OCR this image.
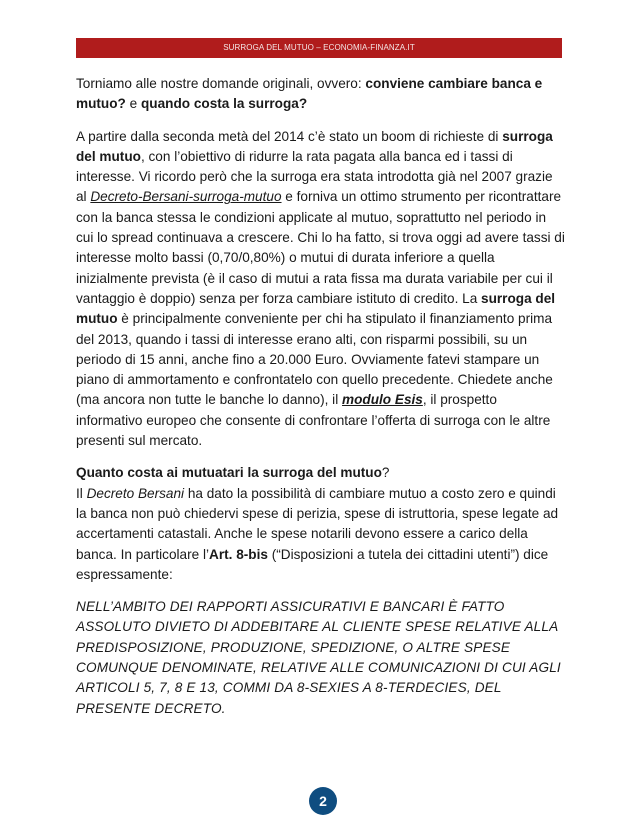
SURROGA DEL MUTUO – ECONOMIA-FINANZA.IT

Torniamo alle nostre domande originali, ovvero: conviene cambiare banca e mutuo? e quando costa la surroga?

A partire dalla seconda metà del 2014 c’è stato un boom di richieste di surroga del mutuo, con l’obiettivo di ridurre la rata pagata alla banca ed i tassi di interesse. Vi ricordo però che la surroga era stata introdotta già nel 2007 grazie al Decreto-Bersani-surroga-mutuo e forniva un ottimo strumento per ricontrattare con la banca stessa le condizioni applicate al mutuo, soprattutto nel periodo in cui lo spread continuava a crescere. Chi lo ha fatto, si trova oggi ad avere tassi di interesse molto bassi (0,70/0,80%) o mutui di durata inferiore a quella inizialmente prevista (è il caso di mutui a rata fissa ma durata variabile per cui il vantaggio è doppio) senza per forza cambiare istituto di credito. La surroga del mutuo è principalmente conveniente per chi ha stipulato il finanziamento prima del 2013, quando i tassi di interesse erano alti, con risparmi possibili, su un periodo di 15 anni, anche fino a 20.000 Euro. Ovviamente fatevi stampare un piano di ammortamento e confrontatelo con quello precedente. Chiedete anche (ma ancora non tutte le banche lo danno), il modulo Esis, il prospetto informativo europeo che consente di confrontare l’offerta di surroga con le altre presenti sul mercato.

Quanto costa ai mutuatari la surroga del mutuo?
Il Decreto Bersani ha dato la possibilità di cambiare mutuo a costo zero e quindi la banca non può chiedervi spese di perizia, spese di istruttoria, spese legate ad accertamenti catastali. Anche le spese notarili devono essere a carico della banca. In particolare l’Art. 8-bis (“Disposizioni a tutela dei cittadini utenti”) dice espressamente:

NELL’AMBITO DEI RAPPORTI ASSICURATIVI E BANCARI È FATTO ASSOLUTO DIVIETO DI ADDEBITARE AL CLIENTE SPESE RELATIVE ALLA PREDISPOSIZIONE, PRODUZIONE, SPEDIZIONE, O ALTRE SPESE COMUNQUE DENOMINATE, RELATIVE ALLE COMUNICAZIONI DI CUI AGLI ARTICOLI 5, 7, 8 E 13, COMMI DA 8-SEXIES A 8-TERDECIES, DEL PRESENTE DECRETO.

2
